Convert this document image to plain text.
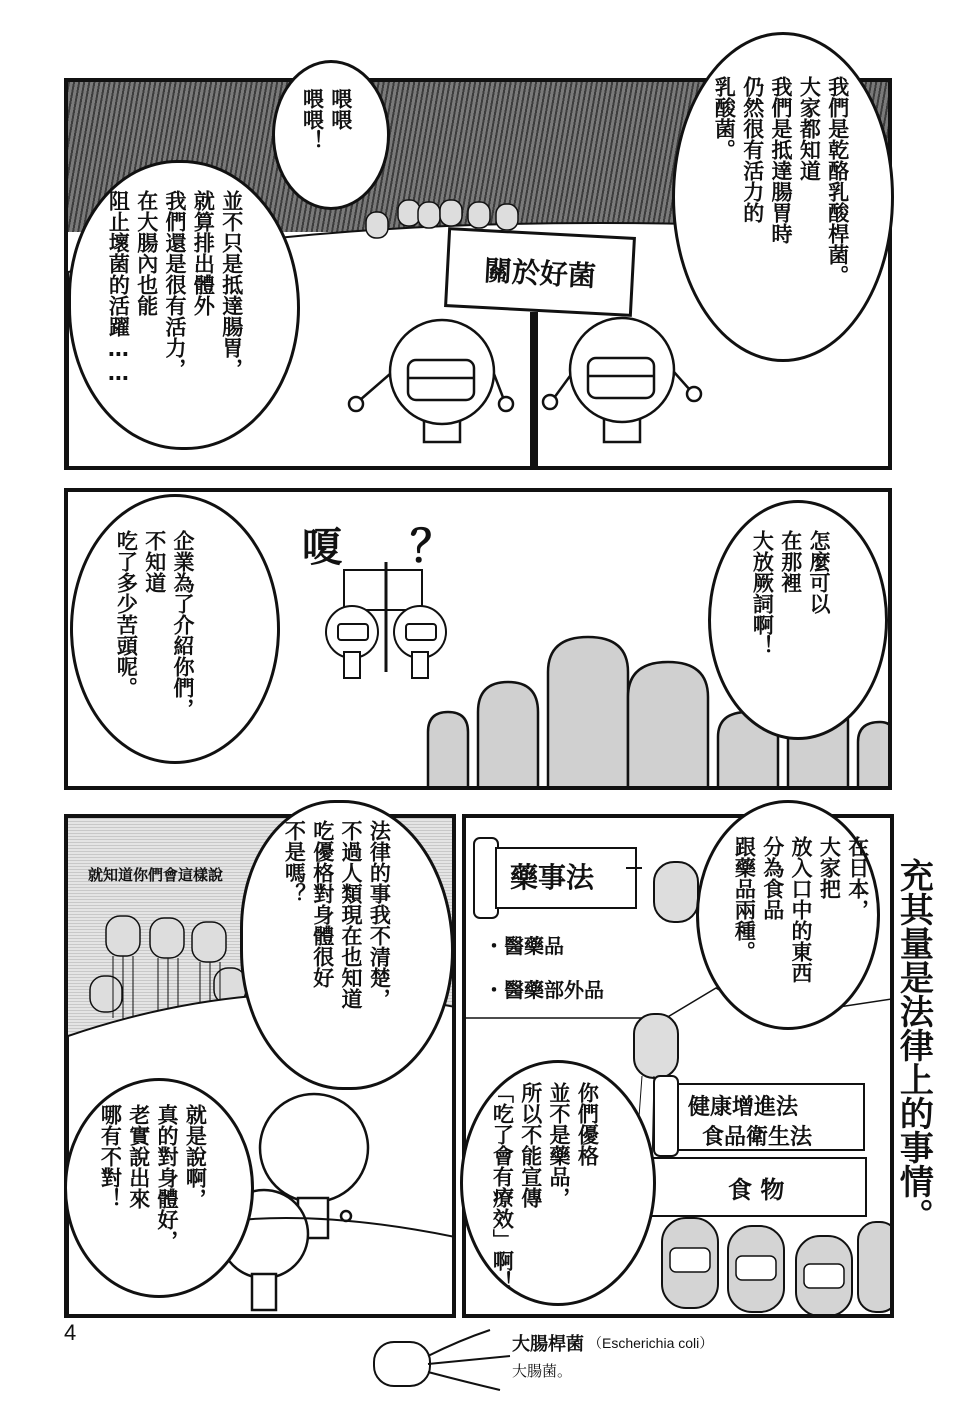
關於好菌	我們是乾酪乳酸桿菌。
大家都知道
我們是抵達腸胃時
仍然很有活力的
乳酸菌。
喂喂
喂喂！
並不只是抵達腸胃，
就算排出體外
我們還是很有活力，
在大腸內也能
阻止壞菌的活躍……
嗄 ？	怎麼可以
在那裡
大放厥詞啊！
企業為了介紹你們，
不知道
吃了多少苦頭呢。
就知道你們會這樣說	法律的事我不清楚，
不過人類現在也知道
吃優格對身體很好
不是嗎？
就是說啊，
真的對身體好，
老實說出來
哪有不對！
藥事法
・醫藥品
・醫藥部外品
健康增進法
食品衛生法
食 物
在日本，
大家把
放入口中的東西
分為食品
跟藥品兩種。
你們優格
並不是藥品，
所以不能宣傳
「吃了會有療效」啊！	充其量是法律上的事情。
4	大腸桿菌 （Escherichia coli）
大腸菌。
